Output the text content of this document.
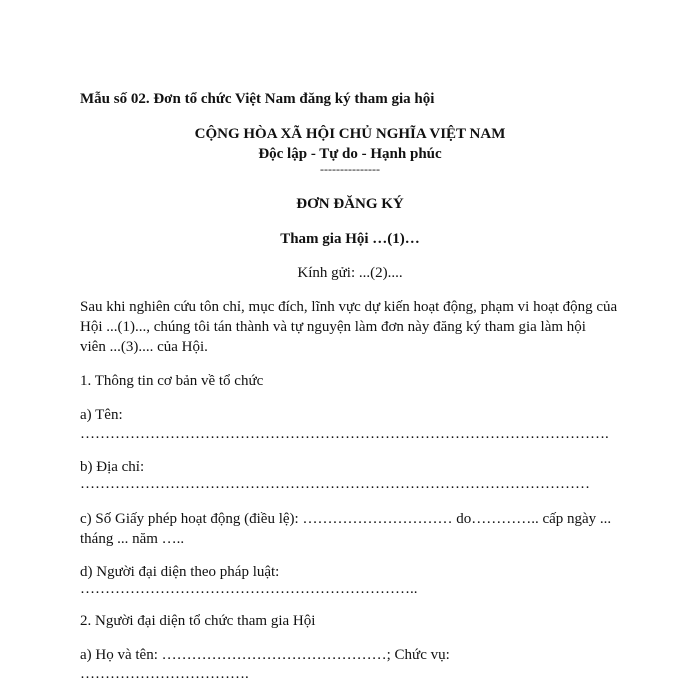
Mẫu số 02. Đơn tổ chức Việt Nam đăng ký tham gia hội
CỘNG HÒA XÃ HỘI CHỦ NGHĨA VIỆT NAM
Độc lập - Tự do - Hạnh phúc
---------------
ĐƠN ĐĂNG KÝ
Tham gia Hội …(1)…
Kính gửi: ...(2)....
Sau khi nghiên cứu tôn chỉ, mục đích, lĩnh vực dự kiến hoạt động, phạm vi hoạt động của
Hội ...(1)..., chúng tôi tán thành và tự nguyện làm đơn này đăng ký tham gia làm hội
viên ...(3).... của Hội.
1. Thông tin cơ bản về tổ chức
a) Tên:
…………………………………………………………………………………………….
b) Địa chỉ:
…………………………………………………………………………………………
c) Số Giấy phép hoạt động (điều lệ): ………………………… do………….. cấp ngày ...
tháng ... năm …..
d) Người đại diện theo pháp luật:
…………………………………………………………..
2. Người đại diện tổ chức tham gia Hội
a) Họ và tên: ………………………………………; Chức vụ:
…………………………….
